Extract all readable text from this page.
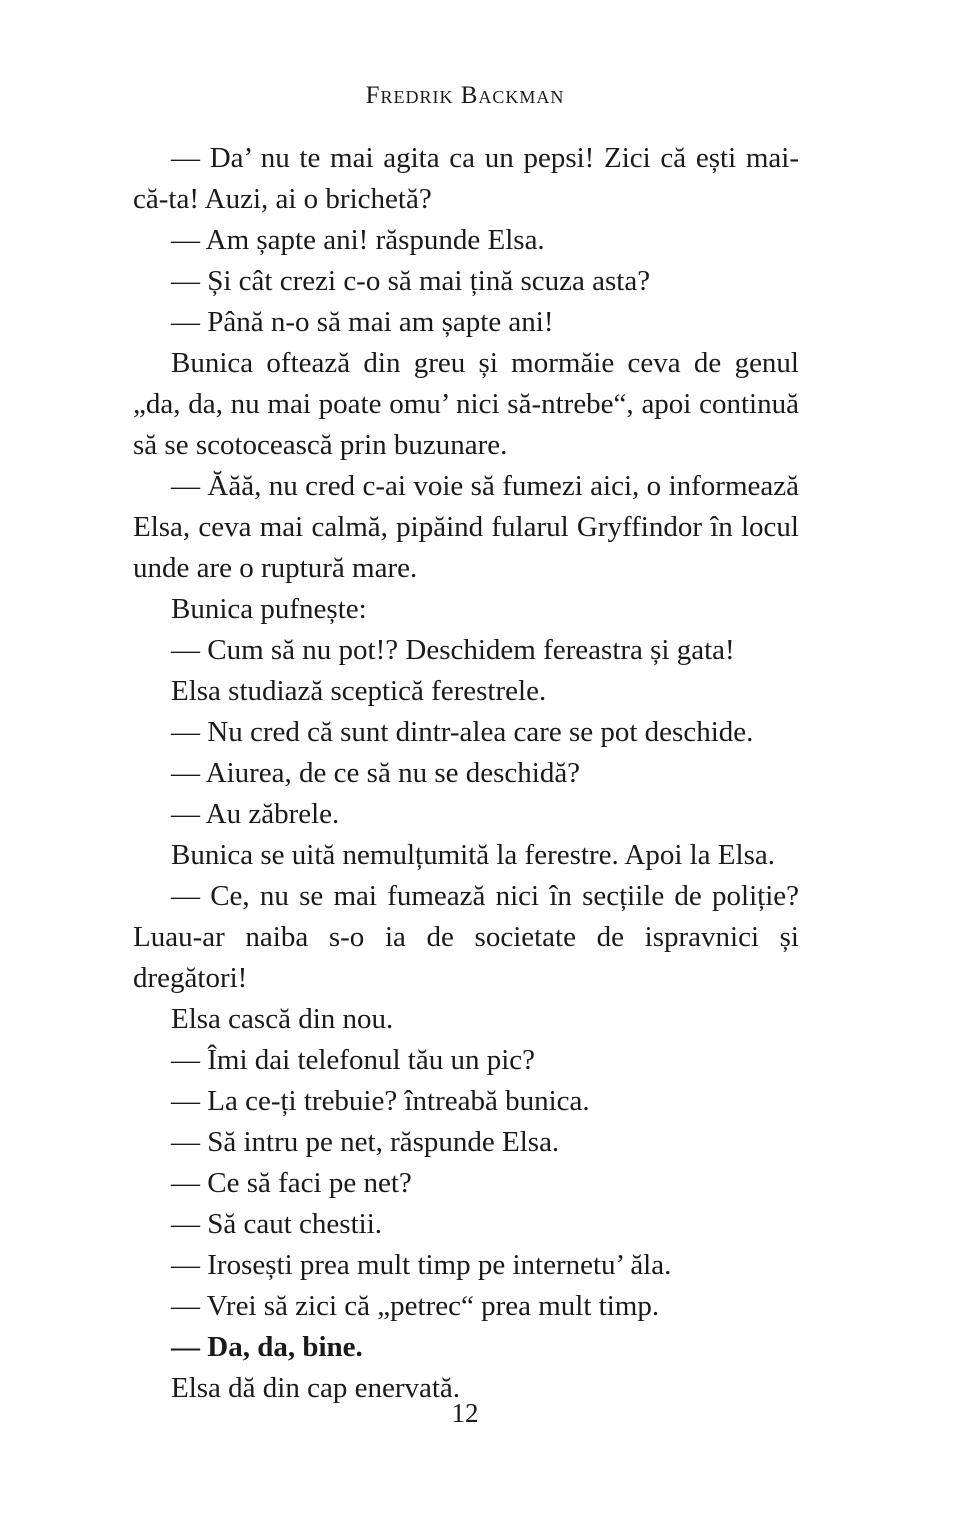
Fredrik Backman

— Da’ nu te mai agita ca un pepsi! Zici că ești mai-că-ta! Auzi, ai o brichetă?

— Am șapte ani! răspunde Elsa.

— Și cât crezi c-o să mai țină scuza asta?

— Până n-o să mai am șapte ani!

Bunica oftează din greu și mormăie ceva de genul „da, da, nu mai poate omu’ nici să-ntrebe“, apoi continuă să se scotocească prin buzunare.

— Ăăă, nu cred c-ai voie să fumezi aici, o informează Elsa, ceva mai calmă, pipăind fularul Gryffindor în locul unde are o ruptură mare.

Bunica pufnește:

— Cum să nu pot!? Deschidem fereastra și gata!

Elsa studiază sceptică ferestrele.

— Nu cred că sunt dintr-alea care se pot deschide.

— Aiurea, de ce să nu se deschidă?

— Au zăbrele.

Bunica se uită nemulțumită la ferestre. Apoi la Elsa.

— Ce, nu se mai fumează nici în secțiile de poliție? Luau-ar naiba s-o ia de societate de ispravnici și dregători!

Elsa cască din nou.

— Îmi dai telefonul tău un pic?

— La ce-ți trebuie? întreabă bunica.

— Să intru pe net, răspunde Elsa.

— Ce să faci pe net?

— Să caut chestii.

— Irosești prea mult timp pe internetu’ ăla.

— Vrei să zici că „petrec“ prea mult timp.

— Da, da, bine.

Elsa dă din cap enervată.

12
